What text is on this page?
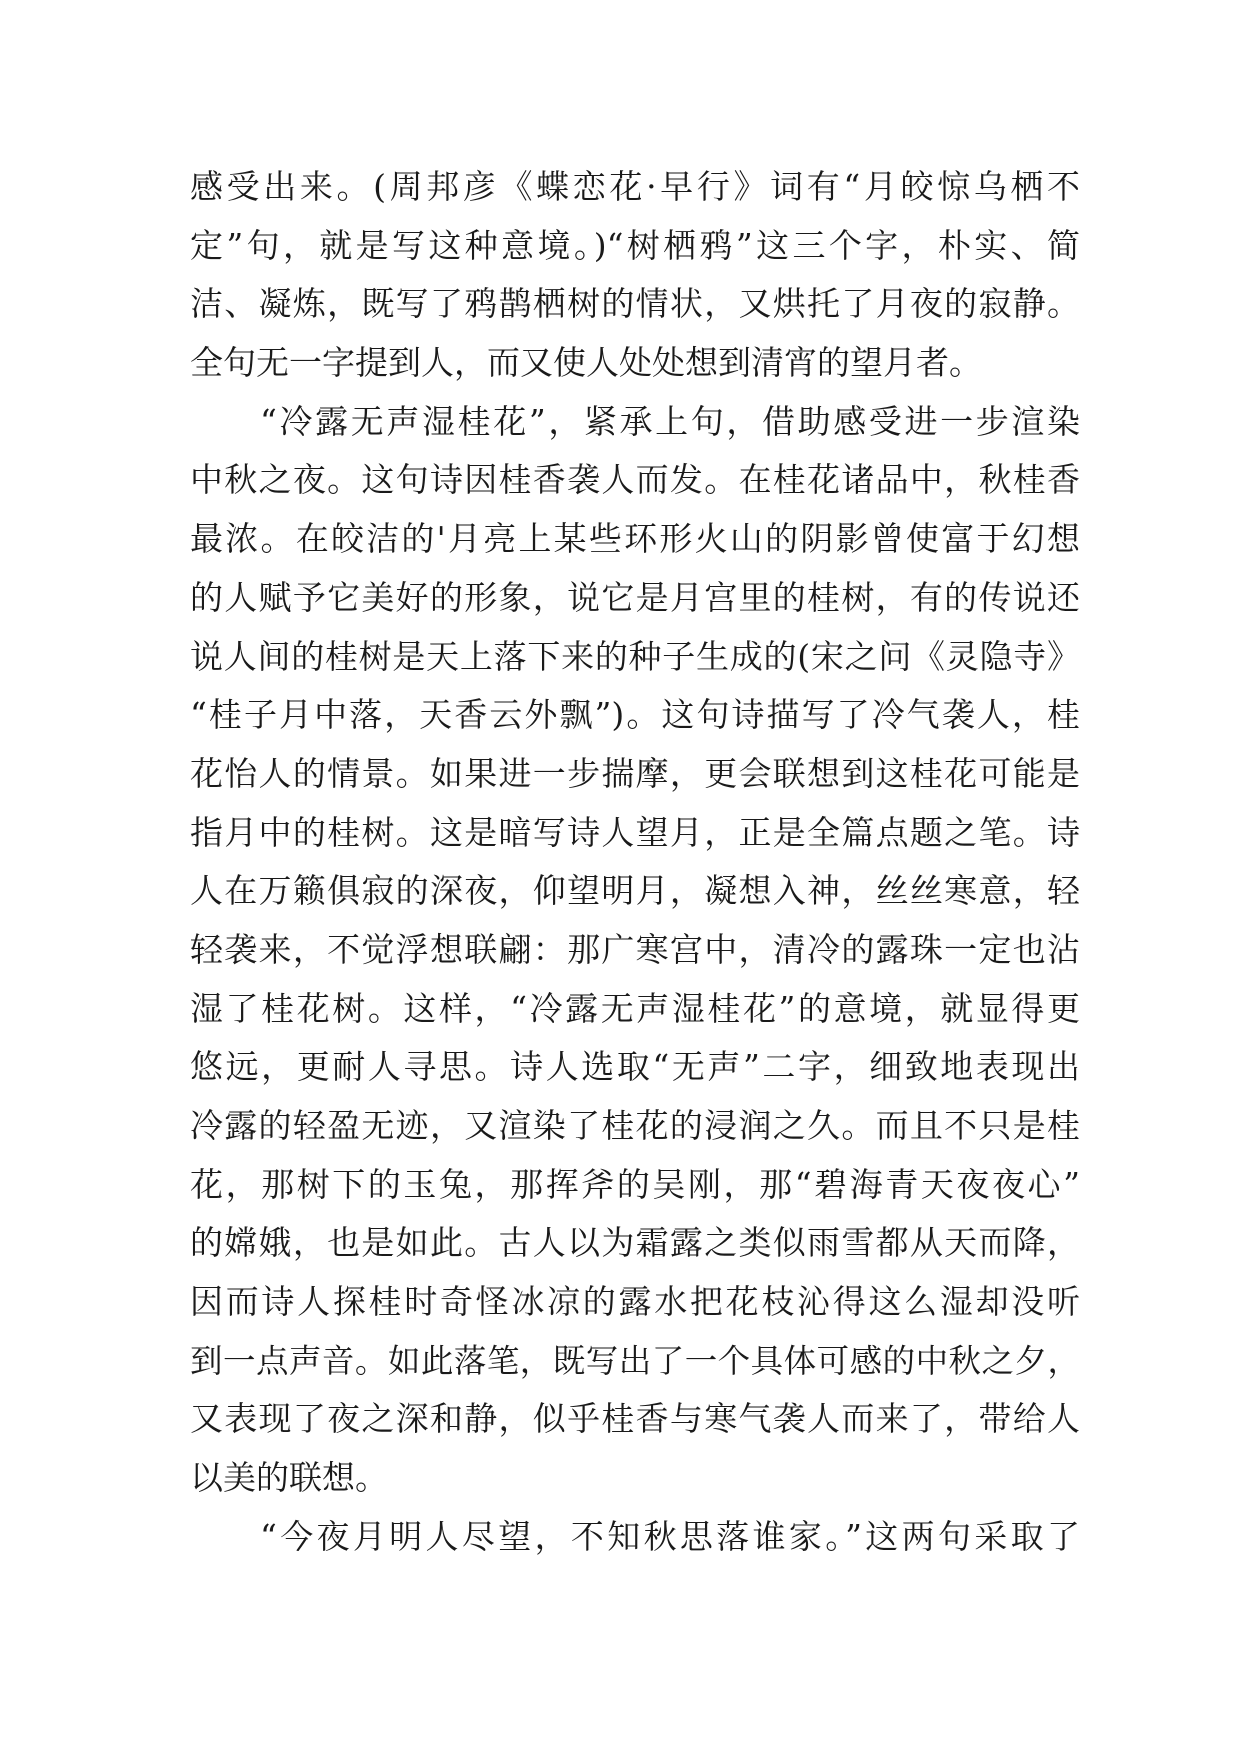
感受出来。(周邦彦《蝶恋花·早行》词有“月皎惊乌栖不
定”句，就是写这种意境。)“树栖鸦”这三个字，朴实、简
洁、凝炼，既写了鸦鹊栖树的情状，又烘托了月夜的寂静。
全句无一字提到人，而又使人处处想到清宵的望月者。
“冷露无声湿桂花”，紧承上句，借助感受进一步渲染
中秋之夜。这句诗因桂香袭人而发。在桂花诸品中，秋桂香
最浓。在皎洁的'月亮上某些环形火山的阴影曾使富于幻想
的人赋予它美好的形象，说它是月宫里的桂树，有的传说还
说人间的桂树是天上落下来的种子生成的(宋之问《灵隐寺》
“桂子月中落，天香云外飘”)。这句诗描写了冷气袭人，桂
花怡人的情景。如果进一步揣摩，更会联想到这桂花可能是
指月中的桂树。这是暗写诗人望月，正是全篇点题之笔。诗
人在万籁俱寂的深夜，仰望明月，凝想入神，丝丝寒意，轻
轻袭来，不觉浮想联翩：那广寒宫中，清冷的露珠一定也沾
湿了桂花树。这样，“冷露无声湿桂花”的意境，就显得更
悠远，更耐人寻思。诗人选取“无声”二字，细致地表现出
冷露的轻盈无迹，又渲染了桂花的浸润之久。而且不只是桂
花，那树下的玉兔，那挥斧的吴刚，那“碧海青天夜夜心”
的嫦娥，也是如此。古人以为霜露之类似雨雪都从天而降，
因而诗人探桂时奇怪冰凉的露水把花枝沁得这么湿却没听
到一点声音。如此落笔，既写出了一个具体可感的中秋之夕，
又表现了夜之深和静，似乎桂香与寒气袭人而来了，带给人
以美的联想。
“今夜月明人尽望，不知秋思落谁家。”这两句采取了
